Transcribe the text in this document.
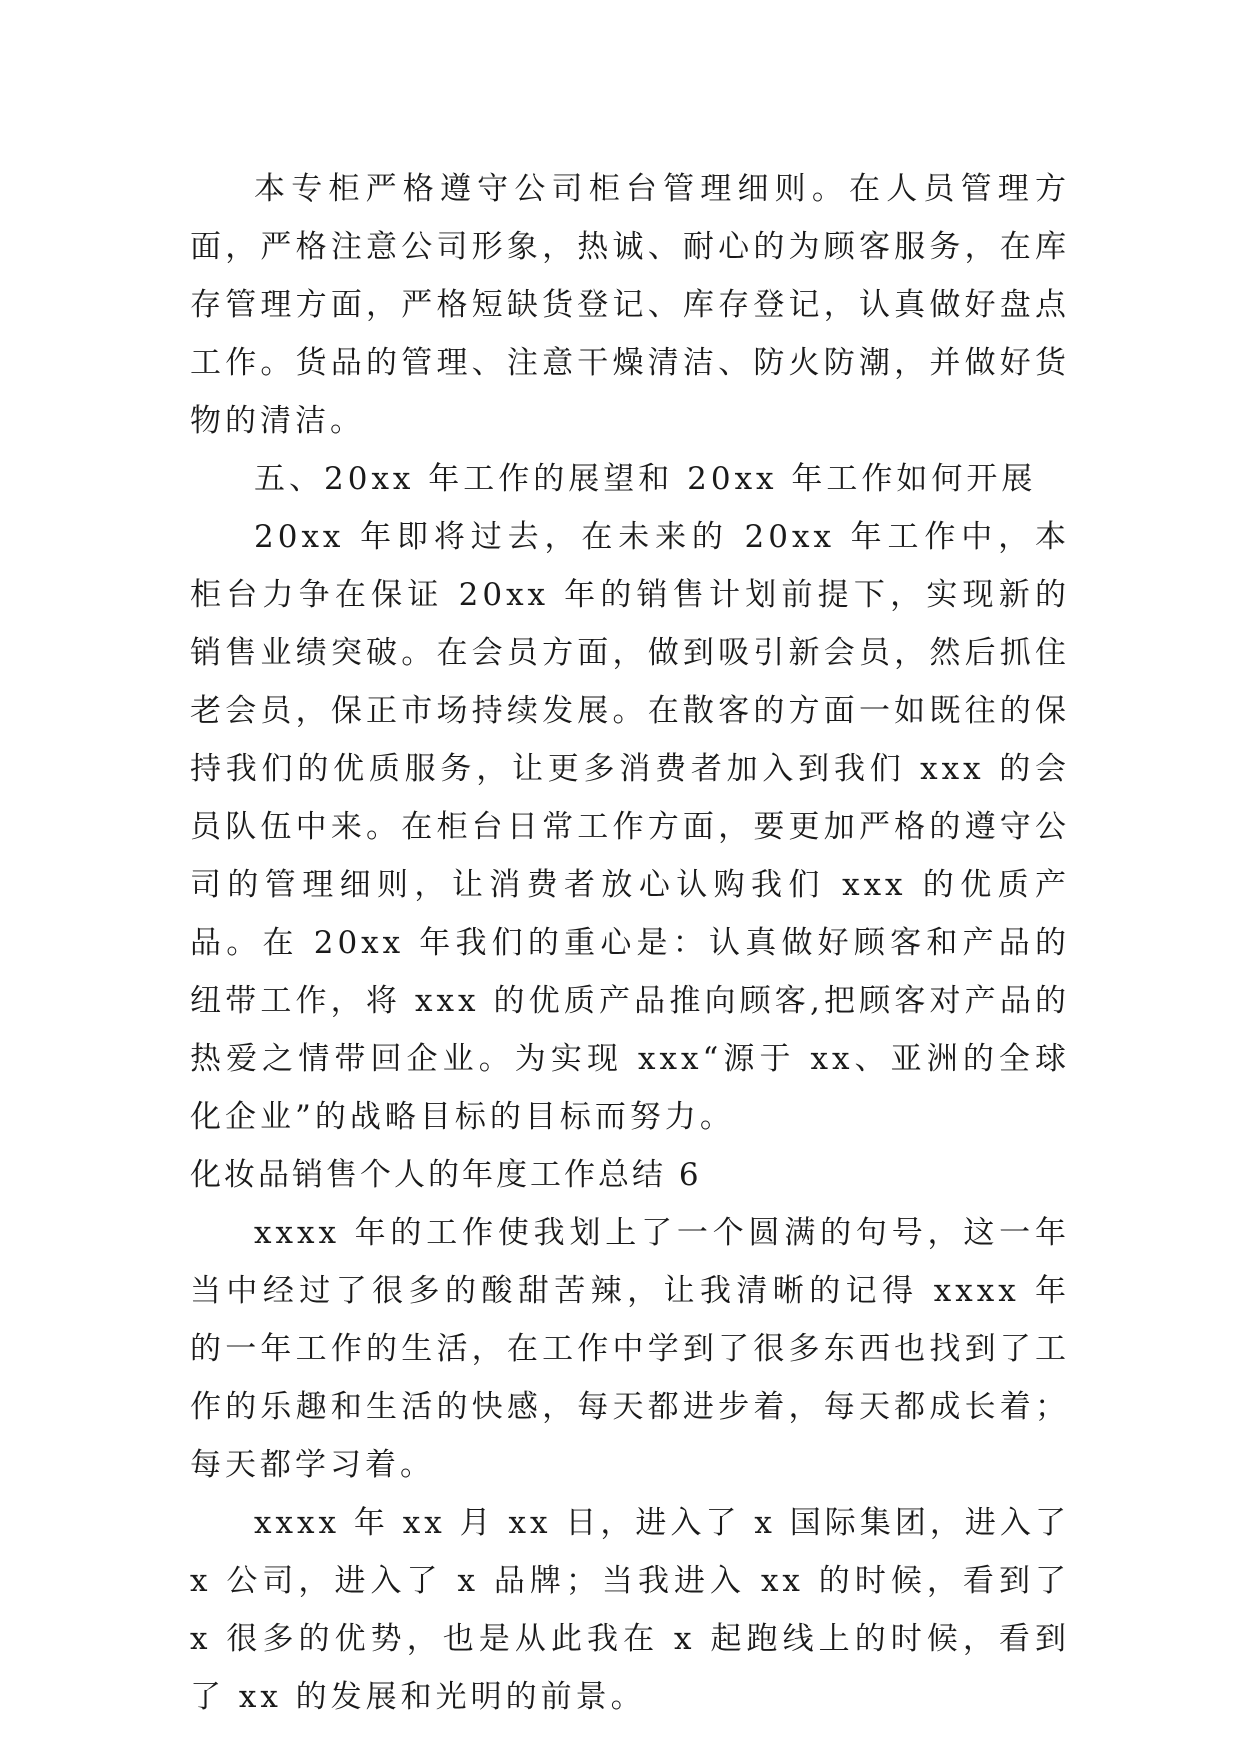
本专柜严格遵守公司柜台管理细则。在人员管理方面，严格注意公司形象，热诚、耐心的为顾客服务，在库存管理方面，严格短缺货登记、库存登记，认真做好盘点工作。货品的管理、注意干燥清洁、防火防潮，并做好货物的清洁。

五、20xx 年工作的展望和 20xx 年工作如何开展

20xx 年即将过去，在未来的 20xx 年工作中，本柜台力争在保证 20xx 年的销售计划前提下，实现新的销售业绩突破。在会员方面，做到吸引新会员，然后抓住老会员，保正市场持续发展。在散客的方面一如既往的保持我们的优质服务，让更多消费者加入到我们 xxx 的会员队伍中来。在柜台日常工作方面，要更加严格的遵守公司的管理细则，让消费者放心认购我们 xxx 的优质产品。在 20xx 年我们的重心是：认真做好顾客和产品的纽带工作，将 xxx 的优质产品推向顾客,把顾客对产品的热爱之情带回企业。为实现 xxx“源于 xx、亚洲的全球化企业”的战略目标的目标而努力。

化妆品销售个人的年度工作总结 6

xxxx 年的工作使我划上了一个圆满的句号，这一年当中经过了很多的酸甜苦辣，让我清晰的记得 xxxx 年的一年工作的生活，在工作中学到了很多东西也找到了工作的乐趣和生活的快感，每天都进步着，每天都成长着；每天都学习着。

xxxx 年 xx 月 xx 日，进入了 x 国际集团，进入了 x 公司，进入了 x 品牌；当我进入 xx 的时候，看到了 x 很多的优势，也是从此我在 x 起跑线上的时候，看到了 xx 的发展和光明的前景。
